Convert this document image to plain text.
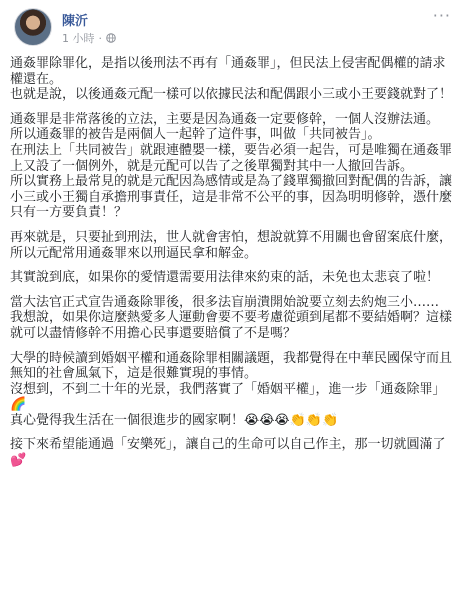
陳沂
1 小時 ·
···

通姦罪除罪化，是指以後刑法不再有「通姦罪」，但民法上侵害配偶權的請求權還在。
也就是說，以後通姦元配一樣可以依據民法和配偶跟小三或小王要錢就對了！

通姦罪是非常落後的立法，主要是因為通姦一定要修幹，一個人沒辦法通。
所以通姦罪的被告是兩個人一起幹了這件事，叫做「共同被告」。
在刑法上「共同被告」就跟連體嬰一樣，要告必須一起告，可是唯獨在通姦罪上又設了一個例外，就是元配可以告了之後單獨對其中一人撤回告訴。
所以實務上最常見的就是元配因為感情或是為了錢單獨撤回對配偶的告訴，讓小三或小王獨自承擔刑事責任，這是非常不公平的事，因為明明修幹，憑什麼只有一方要負責！？

再來就是，只要扯到刑法，世人就會害怕，想說就算不用關也會留案底什麼，所以元配常用通姦罪來以刑逼民拿和解金。

其實說到底，如果你的愛情還需要用法律來約束的話，未免也太悲哀了啦！

當大法官正式宣告通姦除罪後，很多法盲崩潰開始說要立刻去約炮三小……
我想說，如果你這麼熱愛多人運動會要不要考慮從頭到尾都不要結婚啊？這樣就可以盡情修幹不用擔心民事還要賠償了不是嗎？

大學的時候讀到婚姻平權和通姦除罪相關議題，我都覺得在中華民國保守而且無知的社會風氣下，這是很難實現的事情。
沒想到，不到二十年的光景，我們落實了「婚姻平權」，進一步「通姦除罪」🌈
真心覺得我生活在一個很進步的國家啊！😭😭😭👏👏👏

接下來希望能通過「安樂死」，讓自己的生命可以自己作主，那一切就圓滿了💕
